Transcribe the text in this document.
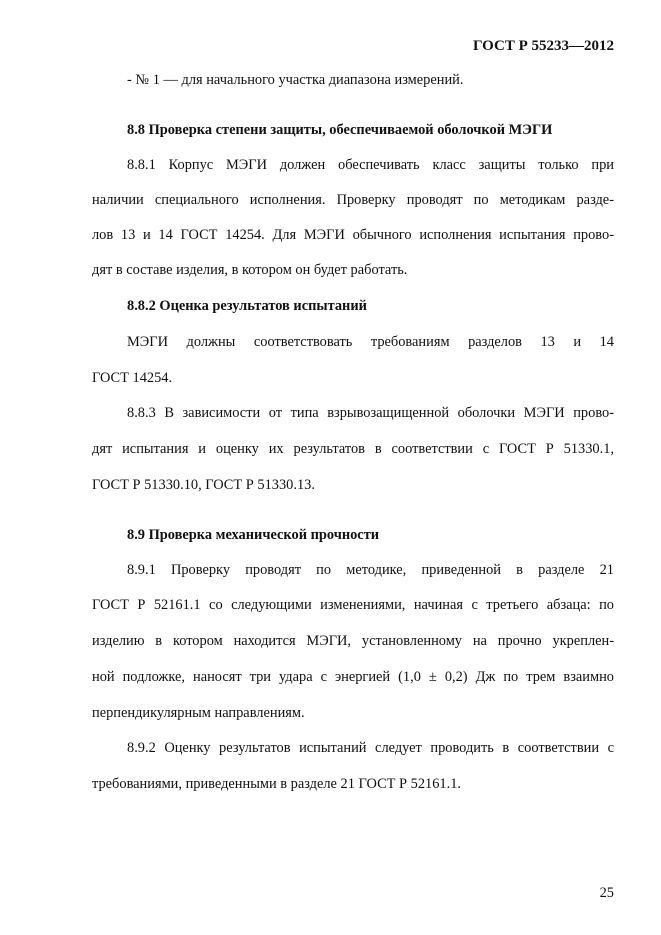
ГОСТ Р 55233—2012
- № 1 — для начального участка диапазона измерений.
8.8 Проверка степени защиты, обеспечиваемой оболочкой МЭГИ
8.8.1 Корпус МЭГИ должен обеспечивать класс защиты только при
наличии специального исполнения. Проверку проводят по методикам разде-
лов 13 и 14 ГОСТ 14254. Для МЭГИ обычного исполнения испытания прово-
дят в составе изделия, в котором он будет работать.
8.8.2 Оценка результатов испытаний
МЭГИ должны соответствовать требованиям разделов 13 и 14
ГОСТ 14254.
8.8.3 В зависимости от типа взрывозащищенной оболочки МЭГИ прово-
дят испытания и оценку их результатов в соответствии с ГОСТ Р 51330.1,
ГОСТ Р 51330.10, ГОСТ Р 51330.13.
8.9 Проверка механической прочности
8.9.1 Проверку проводят по методике, приведенной в разделе 21
ГОСТ Р 52161.1 со следующими изменениями, начиная с третьего абзаца: по
изделию в котором находится МЭГИ, установленному на прочно укреплен-
ной подложке, наносят три удара с энергией (1,0 ± 0,2) Дж по трем взаимно
перпендикулярным направлениям.
8.9.2 Оценку результатов испытаний следует проводить в соответствии с
требованиями, приведенными в разделе 21 ГОСТ Р 52161.1.
25
